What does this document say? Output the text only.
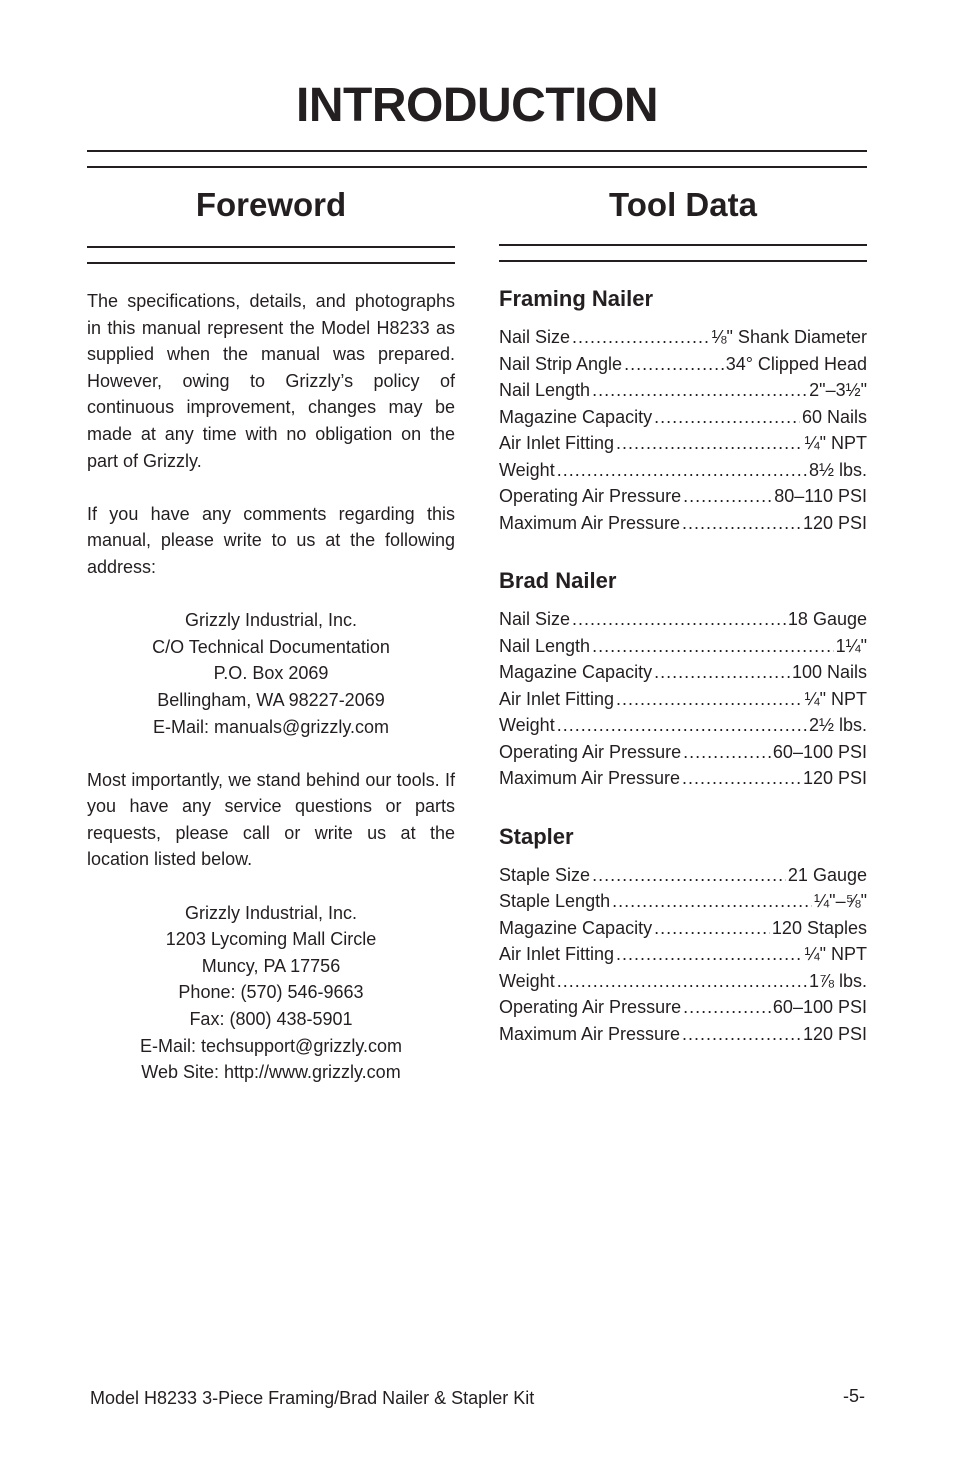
INTRODUCTION
Foreword	Tool Data

The specifications, details, and photographs in this manual represent the Model H8233 as supplied when the manual was prepared. However, owing to Grizzly’s policy of continuous improvement, changes may be made at any time with no obligation on the part of Grizzly.

If you have any comments regarding this manual, please write to us at the following address:

Grizzly Industrial, Inc.
C/O Technical Documentation
P.O. Box 2069
Bellingham, WA 98227-2069
E-Mail: manuals@grizzly.com

Most importantly, we stand behind our tools. If you have any service questions or parts requests, please call or write us at the location listed below.

Grizzly Industrial, Inc.
1203 Lycoming Mall Circle
Muncy, PA 17756
Phone: (570) 546-9663
Fax: (800) 438-5901
E-Mail: techsupport@grizzly.com
Web Site: http://www.grizzly.com
Framing Nailer
Nail Size .....	⅛" Shank Diameter
Nail Strip Angle .....	34° Clipped Head
Nail Length .....	2"–3½"
Magazine Capacity .....	60 Nails
Air Inlet Fitting .....	¼" NPT
Weight .....	8½ lbs.
Operating Air Pressure .....	80–110 PSI
Maximum Air Pressure .....	120 PSI
Brad Nailer
Nail Size .....	18 Gauge
Nail Length .....	1¼"
Magazine Capacity .....	100 Nails
Air Inlet Fitting .....	¼" NPT
Weight .....	2½ lbs.
Operating Air Pressure .....	60–100 PSI
Maximum Air Pressure .....	120 PSI
Stapler
Staple Size .....	21 Gauge
Staple Length .....	¼"–⅝"
Magazine Capacity .....	120 Staples
Air Inlet Fitting .....	¼" NPT
Weight .....	1⅞ lbs.
Operating Air Pressure .....	60–100 PSI
Maximum Air Pressure .....	120 PSI
Model H8233 3-Piece Framing/Brad Nailer & Stapler Kit	-5-
